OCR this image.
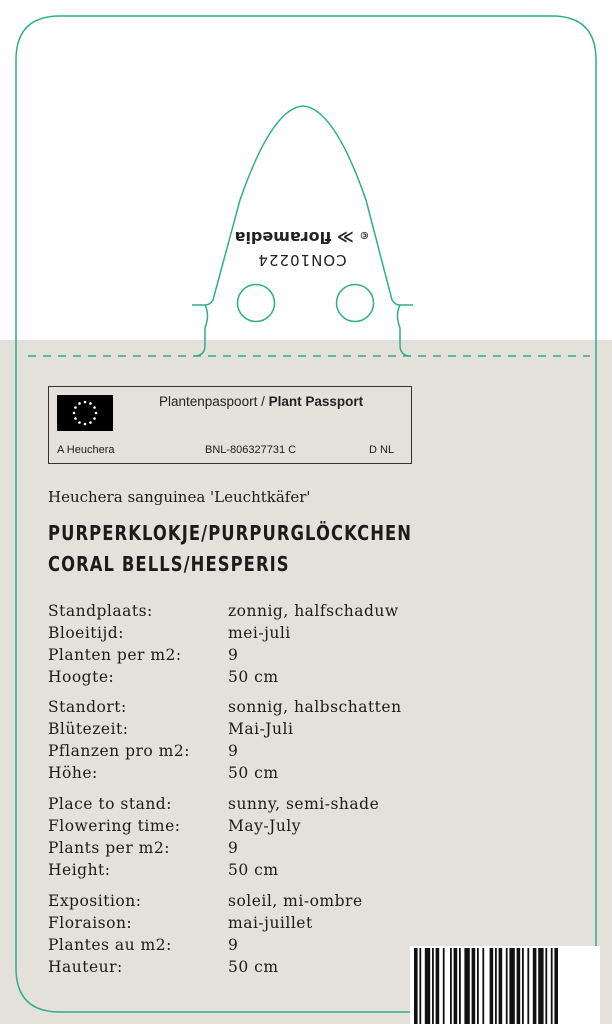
CON10224
© ≫ floramedia
Plantenpaspoort / Plant Passport
A Heuchera	BNL-806327731 C	D NL
Heuchera sanguinea 'Leuchtkäfer'
PURPERKLOKJE/PURPURGLÖCKCHEN
CORAL BELLS/HESPERIS
Standplaats:	zonnig, halfschaduw
Bloeitijd:	mei-juli
Planten per m2:	9
Hoogte:	50 cm
Standort:	sonnig, halbschatten
Blütezeit:	Mai-Juli
Pflanzen pro m2: 9
Höhe:	50 cm
Place to stand:	sunny, semi-shade
Flowering time:	May-July
Plants per m2:	9
Height:	50 cm
Exposition:	soleil, mi-ombre
Floraison:	mai-juillet
Plantes au m2:	9
Hauteur:	50 cm
